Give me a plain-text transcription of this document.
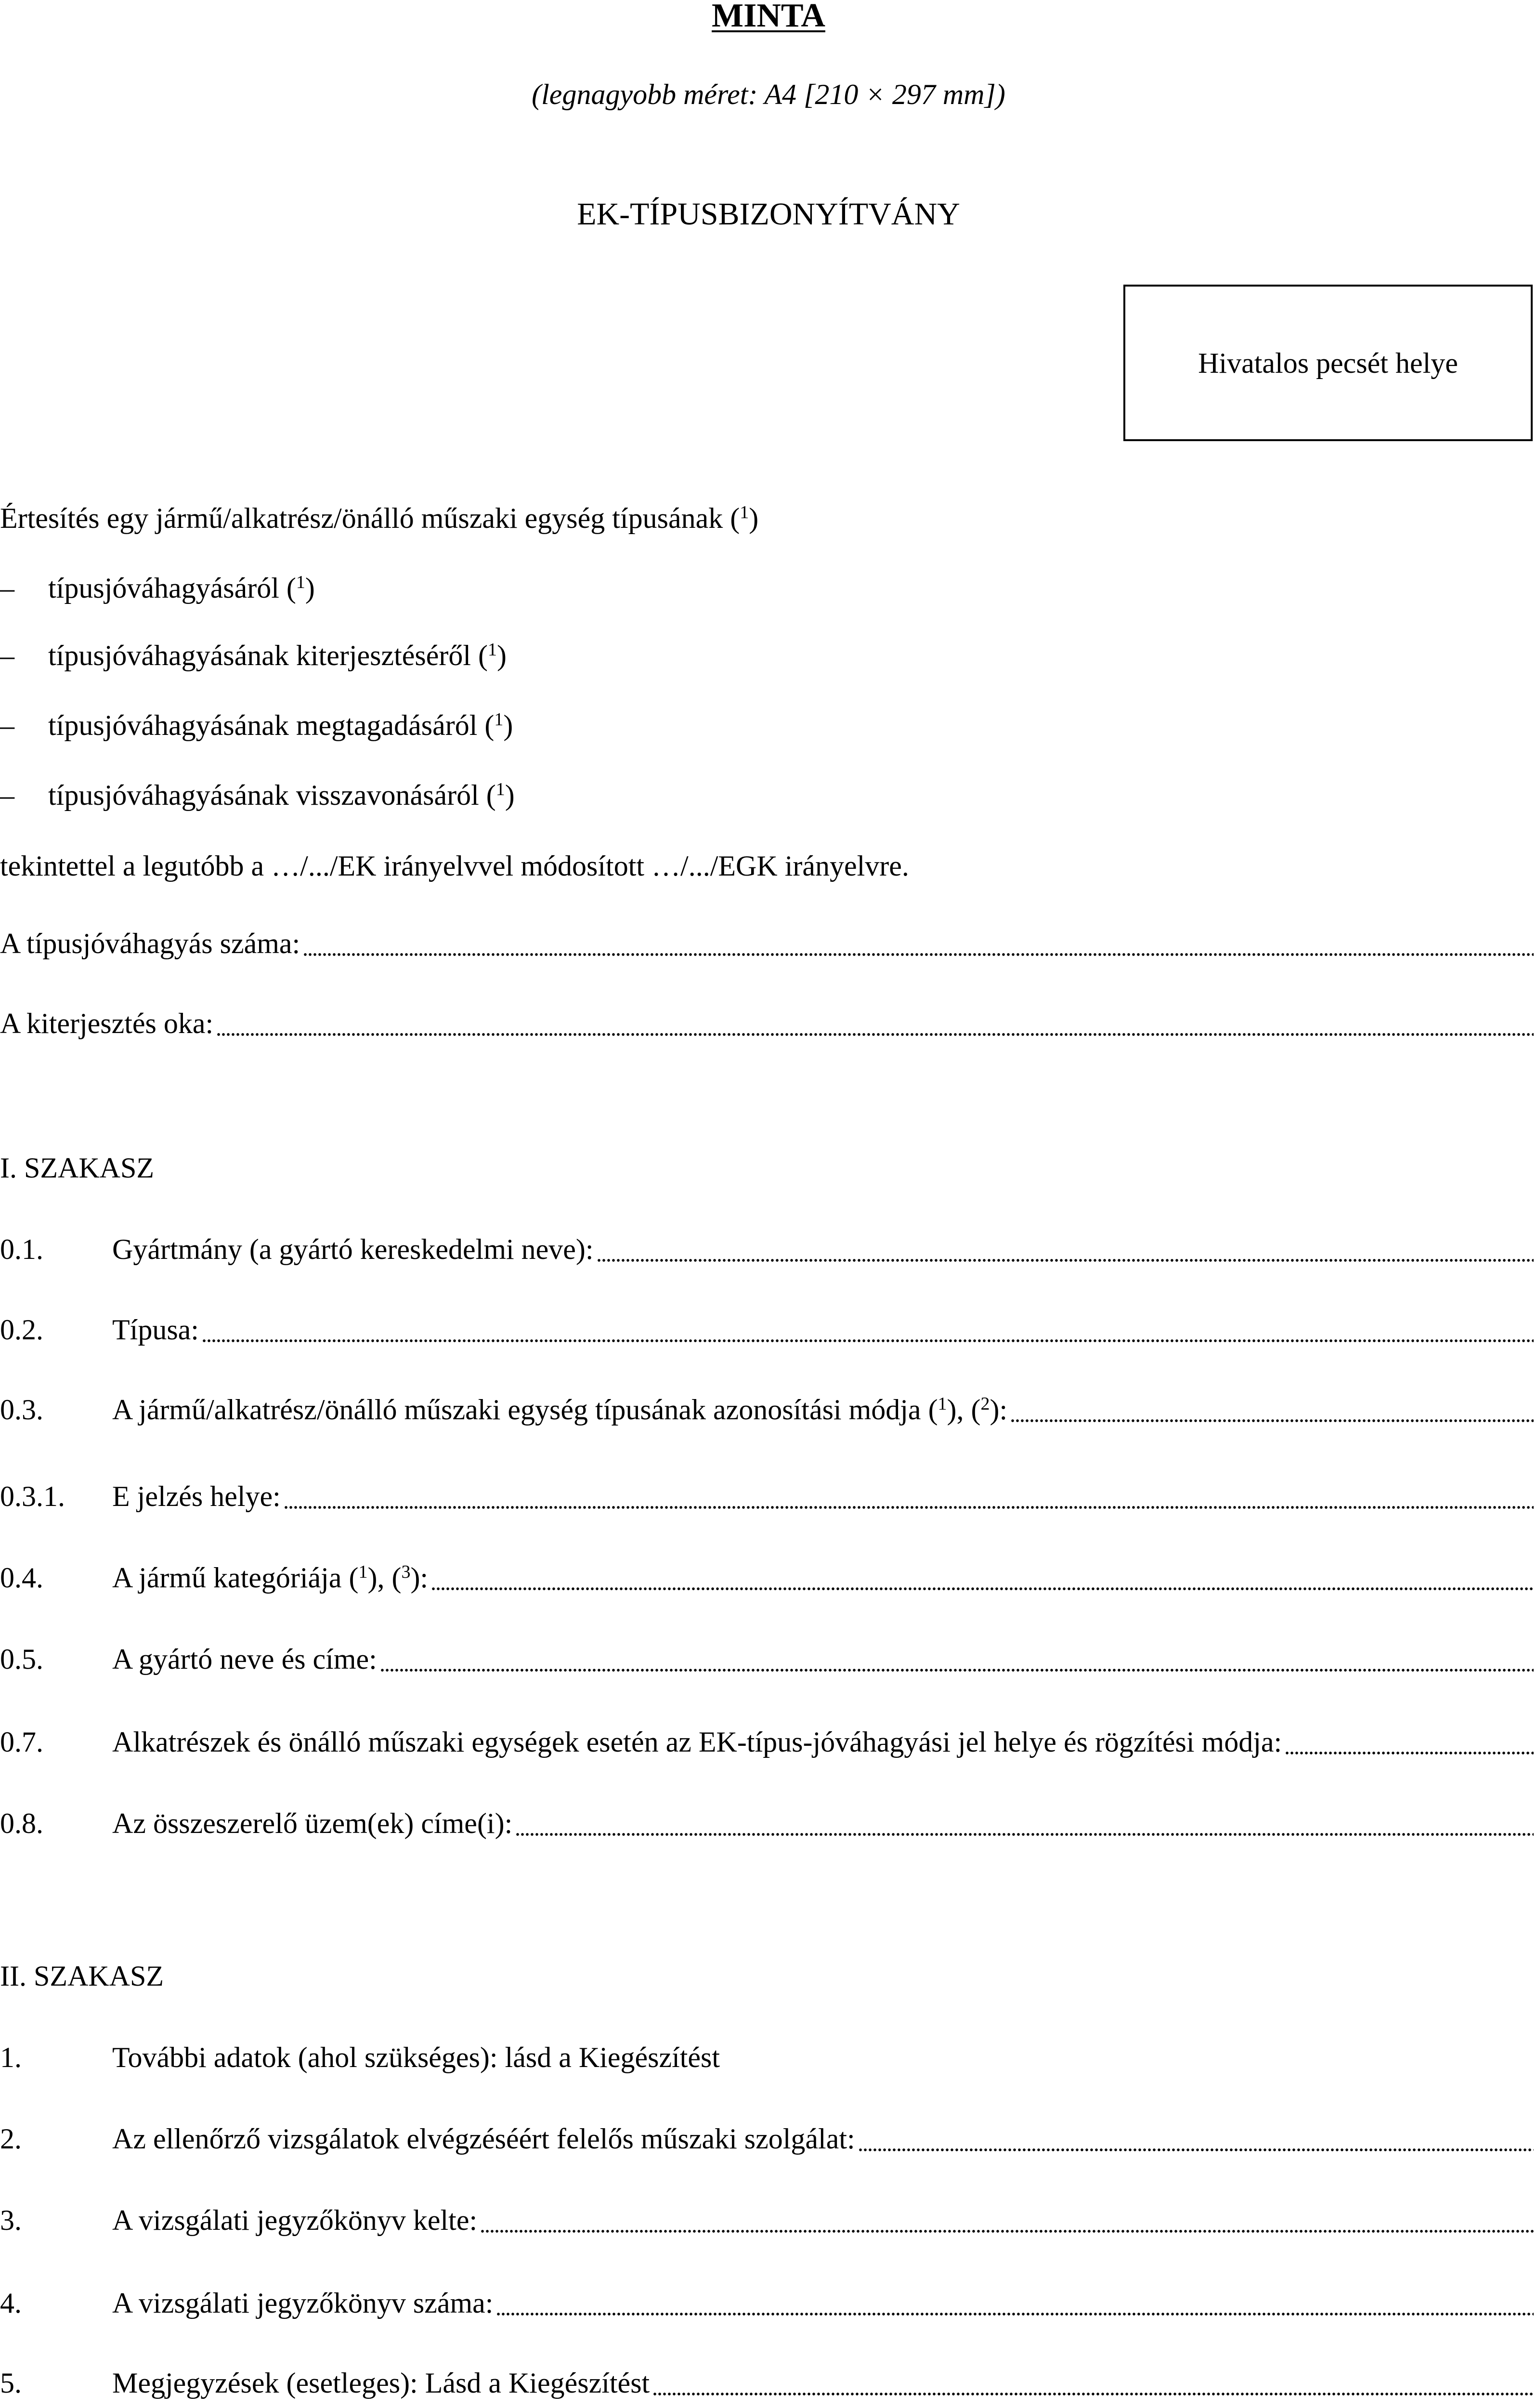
MINTA
(legnagyobb méret: A4 [210 × 297 mm])
EK-TÍPUSBIZONYÍTVÁNY
Hivatalos pecsét helye
Értesítés egy jármű/alkatrész/önálló műszaki egység típusának ($^1$)
– típusjóváhagyásáról ($^1$)
– típusjóváhagyásának kiterjesztéséről ($^1$)
– típusjóváhagyásának megtagadásáról ($^1$)
– típusjóváhagyásának visszavonásáról ($^1$)
tekintettel a legutóbb a …/.../EK irányelvvel módosított …/.../EGK irányelvre.
A típusjóváhagyás száma:
A kiterjesztés oka:
I. SZAKASZ
0.1.	Gyártmány (a gyártó kereskedelmi neve):
0.2.	Típusa:
0.3.	A jármű/alkatrész/önálló műszaki egység típusának azonosítási módja ($^1$), ($^2$):
0.3.1.	E jelzés helye:
0.4.	A jármű kategóriája ($^1$), ($^3$):
0.5.	A gyártó neve és címe:
0.7.	Alkatrészek és önálló műszaki egységek esetén az EK-típus-jóváhagyási jel helye és rögzítési módja:
0.8.	Az összeszerelő üzem(ek) címe(i):
II. SZAKASZ
1.	További adatok (ahol szükséges): lásd a Kiegészítést
2.	Az ellenőrző vizsgálatok elvégzéséért felelős műszaki szolgálat:
3.	A vizsgálati jegyzőkönyv kelte:
4.	A vizsgálati jegyzőkönyv száma:
5.	Megjegyzések (esetleges): Lásd a Kiegészítést
